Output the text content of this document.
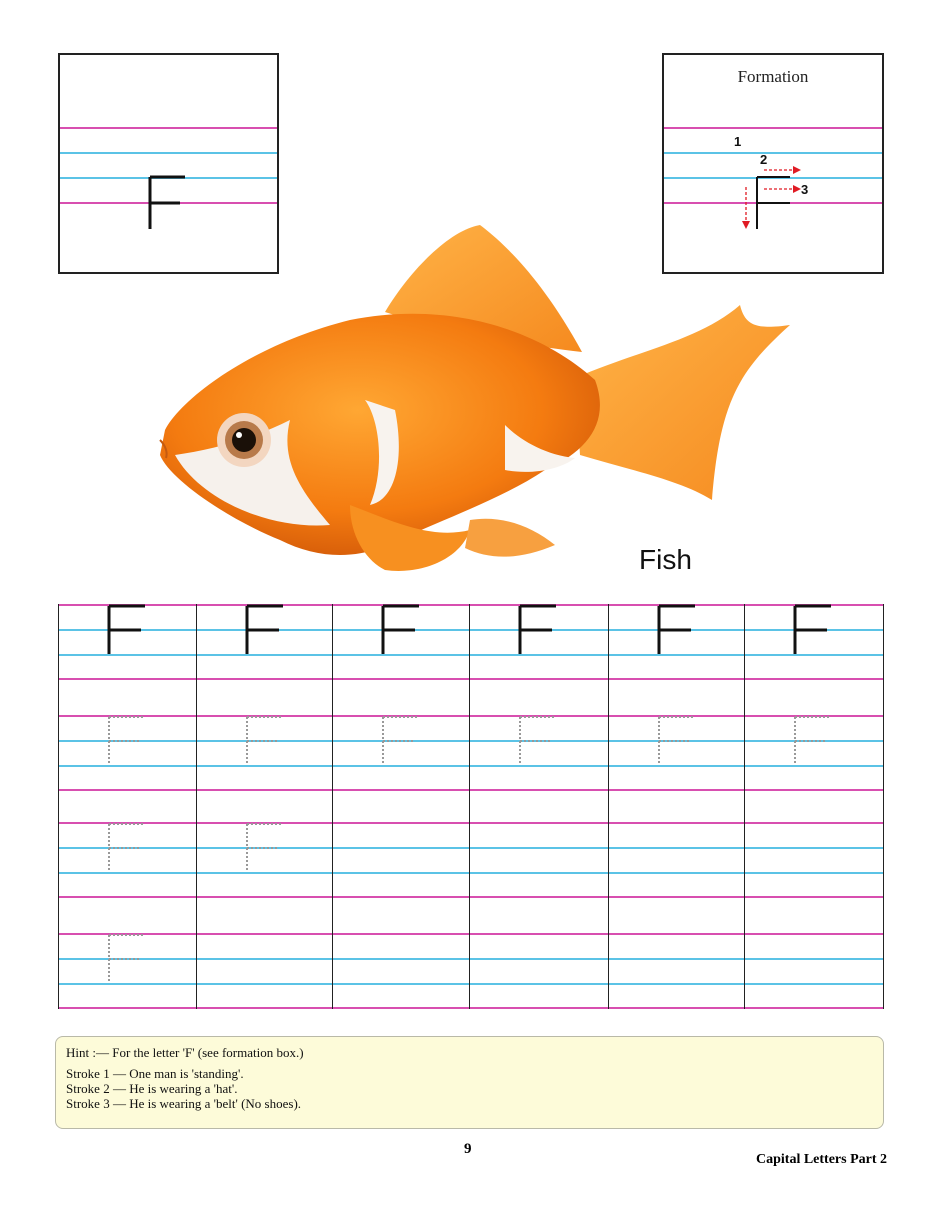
Formation
1
2
3
Fish
Hint :— For the letter 'F' (see formation box.)
Stroke 1 — One man is 'standing'.
Stroke 2 — He is wearing a 'hat'.
Stroke 3 — He is wearing a 'belt' (No shoes).
9
Capital Letters Part 2
